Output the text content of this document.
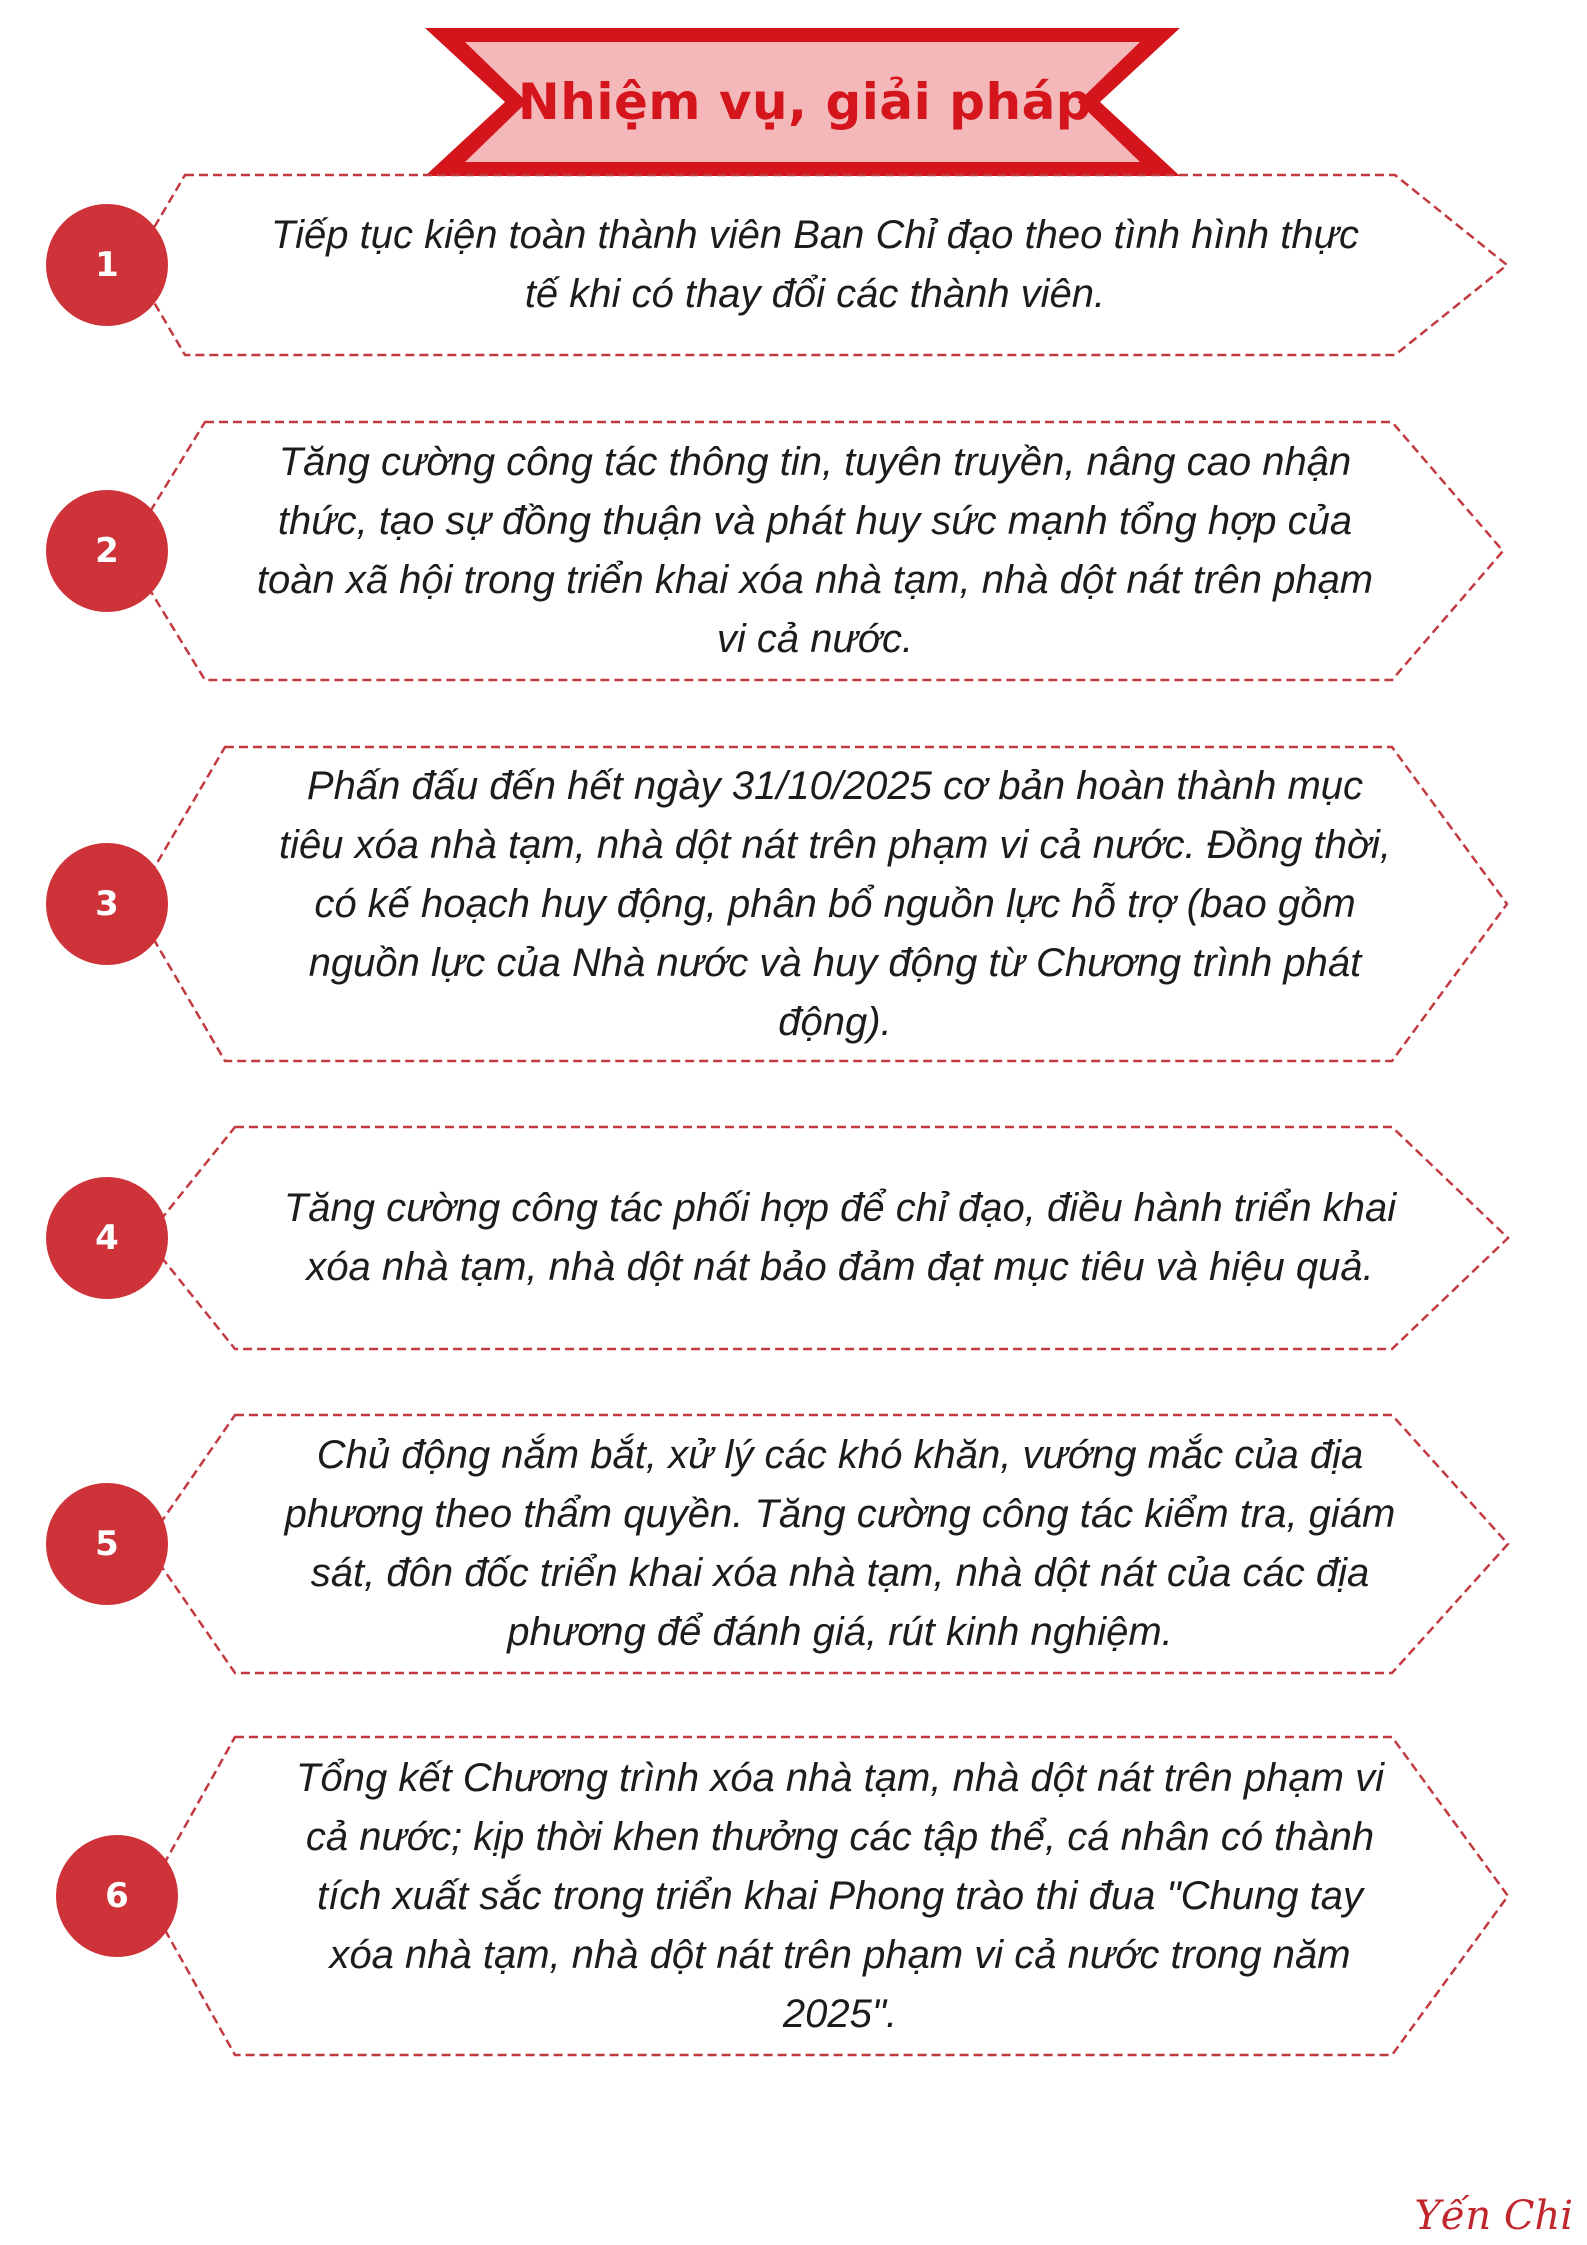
Nhiệm vụ, giải pháp
1

Tiếp tục kiện toàn thành viên Ban Chỉ đạo theo tình hình thực tế khi có thay đổi các thành viên.

2

Tăng cường công tác thông tin, tuyên truyền, nâng cao nhận thức, tạo sự đồng thuận và phát huy sức mạnh tổng hợp của toàn xã hội trong triển khai xóa nhà tạm, nhà dột nát trên phạm vi cả nước.

3

Phấn đấu đến hết ngày 31/10/2025 cơ bản hoàn thành mục tiêu xóa nhà tạm, nhà dột nát trên phạm vi cả nước. Đồng thời, có kế hoạch huy động, phân bổ nguồn lực hỗ trợ (bao gồm nguồn lực của Nhà nước và huy động từ Chương trình phát động).

4

Tăng cường công tác phối hợp để chỉ đạo, điều hành triển khai xóa nhà tạm, nhà dột nát bảo đảm đạt mục tiêu và hiệu quả.

5

Chủ động nắm bắt, xử lý các khó khăn, vướng mắc của địa phương theo thẩm quyền. Tăng cường công tác kiểm tra, giám sát, đôn đốc triển khai xóa nhà tạm, nhà dột nát của các địa phương để đánh giá, rút kinh nghiệm.

6

Tổng kết Chương trình xóa nhà tạm, nhà dột nát trên phạm vi cả nước; kịp thời khen thưởng các tập thể, cá nhân có thành tích xuất sắc trong triển khai Phong trào thi đua "Chung tay xóa nhà tạm, nhà dột nát trên phạm vi cả nước trong năm 2025".

Yến Chi
